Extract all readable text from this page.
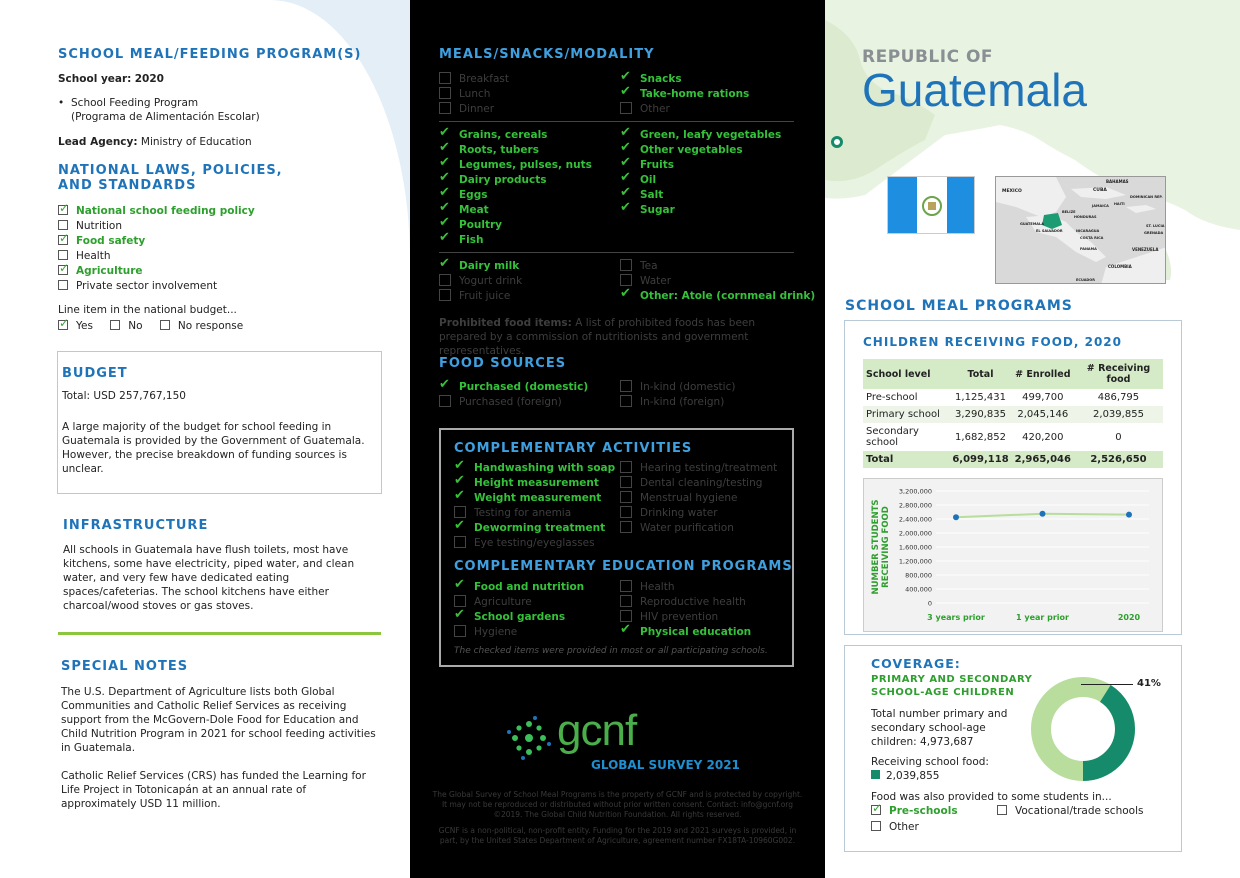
SCHOOL MEAL/FEEDING PROGRAM(S)
School year: 2020
• School Feeding Program
(Programa de Alimentación Escolar)
Lead Agency: Ministry of Education
NATIONAL LAWS, POLICIES,
AND STANDARDS
✓National school feeding policy
Nutrition
✓Food safety
Health
✓Agriculture
Private sector involvement
Line item in the national budget...
✓Yes	No	No response
BUDGET
Total: USD 257,767,150
A large majority of the budget for school feeding in Guatemala is provided by the Government of Guatemala. However, the precise breakdown of funding sources is unclear.
INFRASTRUCTURE
All schools in Guatemala have flush toilets, most have kitchens, some have electricity, piped water, and clean water, and very few have dedicated eating spaces/cafeterias. The school kitchens have either charcoal/wood stoves or gas stoves.
SPECIAL NOTES
The U.S. Department of Agriculture lists both Global Communities and Catholic Relief Services as receiving support from the McGovern-Dole Food for Education and Child Nutrition Program in 2021 for school feeding activities in Guatemala.
Catholic Relief Services (CRS) has funded the Learning for Life Project in Totonicapán at an annual rate of approximately USD 11 million.
MEALS/SNACKS/MODALITY
Breakfast
Lunch
Dinner
✔Snacks
✔Take-home rations
Other
✔Grains, cereals
✔Roots, tubers
✔Legumes, pulses, nuts
✔Dairy products
✔Eggs
✔Meat
✔Poultry
✔Fish
✔Green, leafy vegetables
✔Other vegetables
✔Fruits
✔Oil
✔Salt
✔Sugar
✔Dairy milk
Yogurt drink
Fruit juice
Tea
Water
✔Other: Atole (cornmeal drink)
Prohibited food items: A list of prohibited foods has been prepared by a commission of nutritionists and government representatives.
FOOD SOURCES
✔Purchased (domestic)
Purchased (foreign)
In-kind (domestic)
In-kind (foreign)
COMPLEMENTARY ACTIVITIES
✔Handwashing with soap
✔Height measurement
✔Weight measurement
Testing for anemia
✔Deworming treatment
Eye testing/eyeglasses
Hearing testing/treatment
Dental cleaning/testing
Menstrual hygiene
Drinking water
Water purification
COMPLEMENTARY EDUCATION PROGRAMS
✔Food and nutrition
Agriculture
✔School gardens
Hygiene
Health
Reproductive health
HIV prevention
✔Physical education
The checked items were provided in most or all participating schools.
gcnf
GLOBAL SURVEY 2021
The Global Survey of School Meal Programs is the property of GCNF and is protected by copyright. It may not be reproduced or distributed without prior written consent. Contact: info@gcnf.org ©2019. The Global Child Nutrition Foundation. All rights reserved.
GCNF is a non-political, non-profit entity. Funding for the 2019 and 2021 surveys is provided, in part, by the United States Department of Agriculture, agreement number FX18TA-10960G002.
REPUBLIC OF
Guatemala
BAHAMAS
MEXICO	CUBA
DOMINICAN REP.
HAITI
JAMAICA
BELIZE
HONDURAS
GUATEMALA
EL SALVADOR	NICARAGUA
COSTA RICA
PANAMA
ST. LUCIA
GRENADA
VENEZUELA
COLOMBIA
ECUADOR
SCHOOL MEAL PROGRAMS
CHILDREN RECEIVING FOOD, 2020
School level	Total	# Enrolled	# Receiving food
Pre-school	1,125,431	499,700	486,795
Primary school	3,290,835	2,045,146	2,039,855
Secondary school	1,682,852	420,200	0
Total	6,099,118	2,965,046	2,526,650
0
400,000
800,000
1,200,000
1,600,000
2,000,000
2,400,000
2,800,000
3,200,000
3 years prior	1 year prior	2020
NUMBER STUDENTSRECEIVING FOOD
COVERAGE:
PRIMARY AND SECONDARY
SCHOOL-AGE CHILDREN
Total number primary and secondary school-age children: 4,973,687
Receiving school food:
2,039,855
41%
Food was also provided to some students in...
✓Pre-schools	Vocational/trade schools
Other
